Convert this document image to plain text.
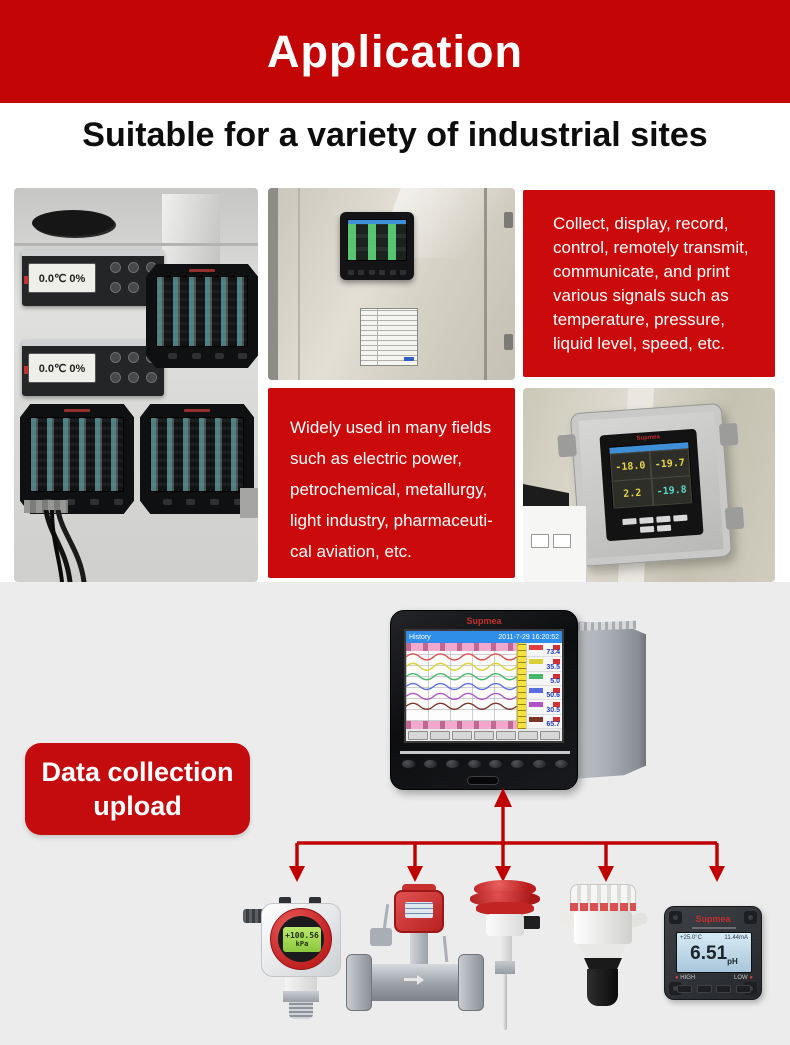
Application
Suitable for a variety of industrial sites
0.0℃ 0%
0.0℃ 0%
Collect, display, record, control, remotely transmit, communicate, and print various signals such as temperature, pressure, liquid level, speed, etc.
Widely used in many fields such as electric power, petrochemical, metallurgy, light industry, pharmaceuti-cal aviation, etc.
Supmea
-18.0 -19.7
2.2	-19.8
Supmea
History	2011-7-29 16:20:52
73.4
35.5
5.0
50.6
30.5
65.7
Data collection
upload
+100.56
kPa
Supmea
+25.0°C	11.44mA
$6.51_{pH}$
● HIGH	LOW ●
